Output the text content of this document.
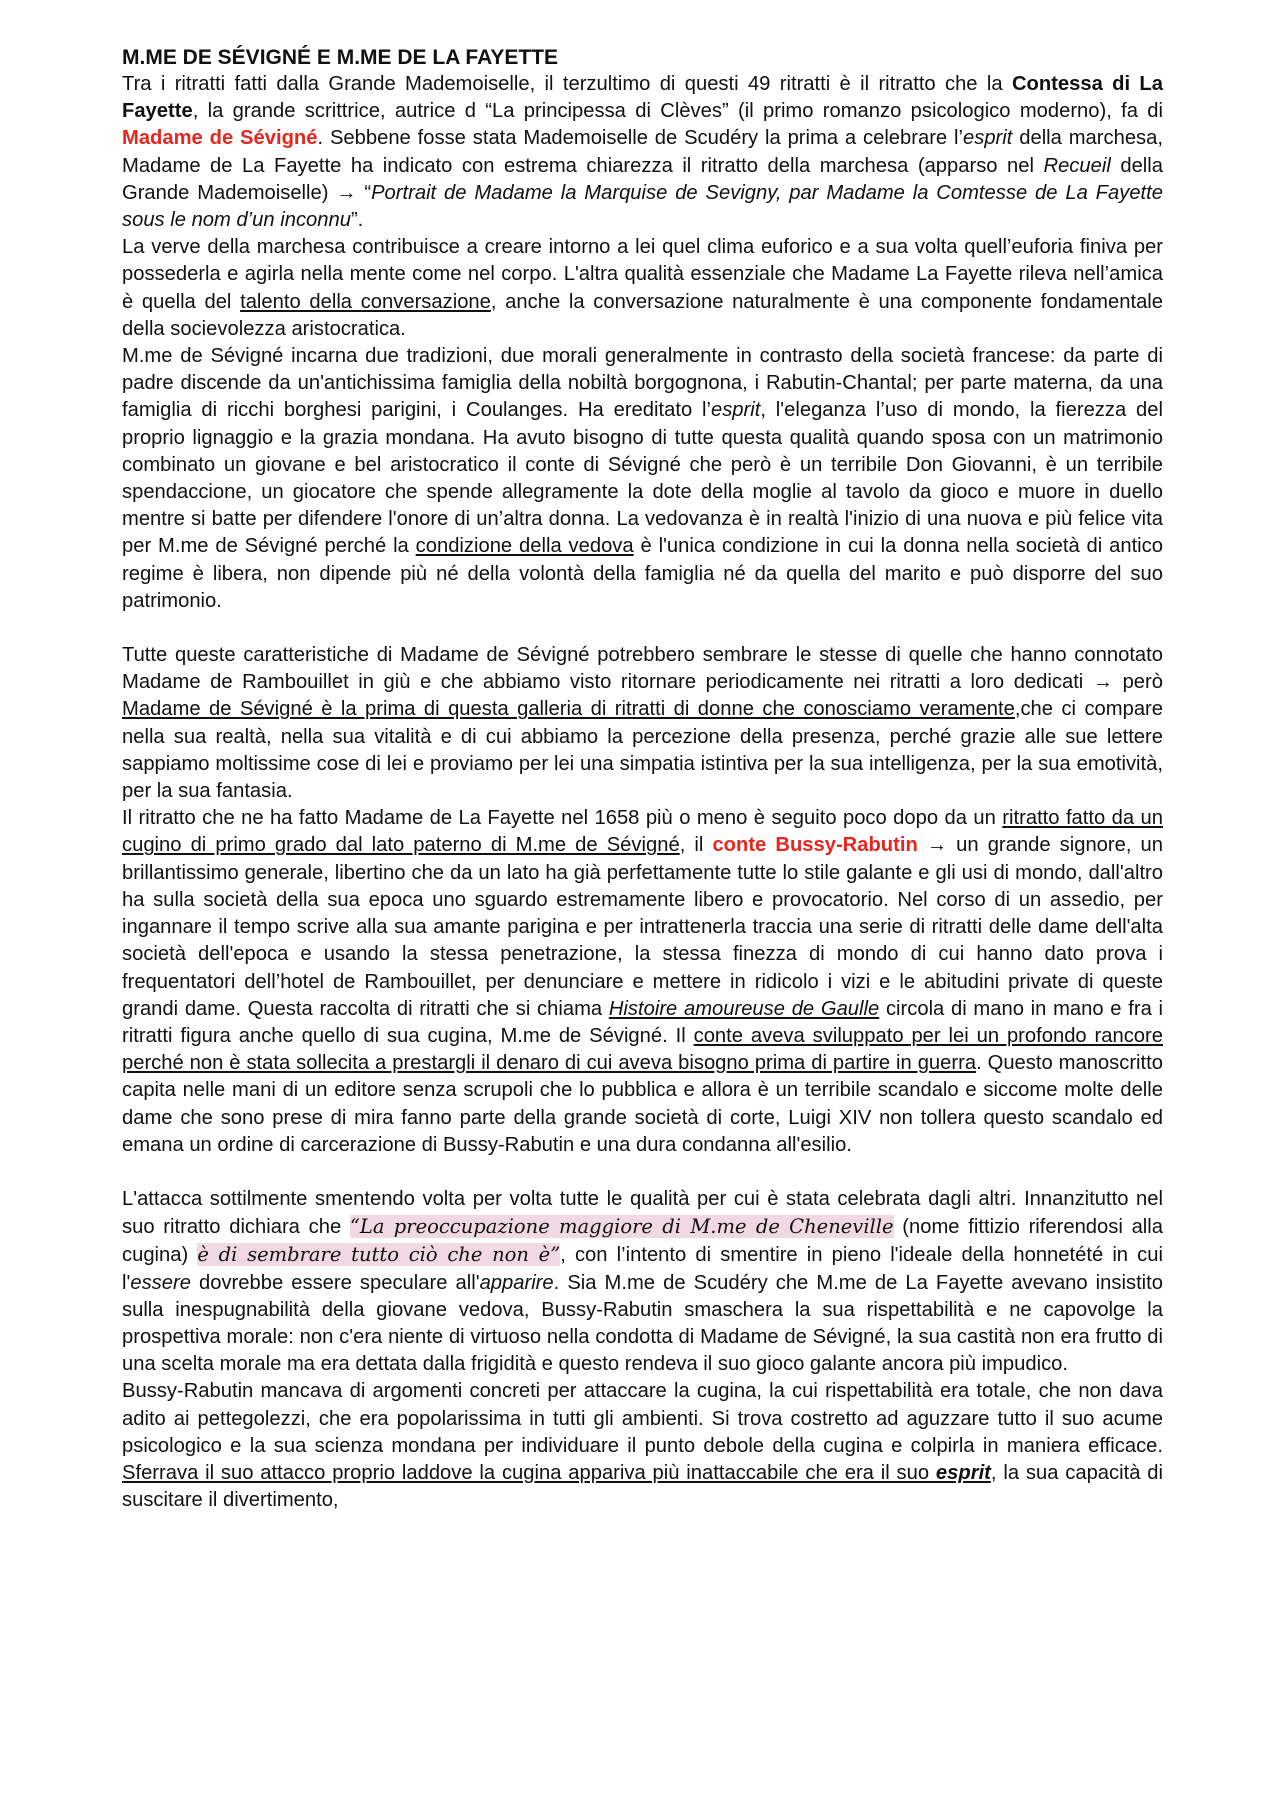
M.ME DE SÉVIGNÉ E M.ME DE LA FAYETTE

Tra i ritratti fatti dalla Grande Mademoiselle, il terzultimo di questi 49 ritratti è il ritratto che la Contessa di La Fayette, la grande scrittrice, autrice d “La principessa di Clèves” (il primo romanzo psicologico moderno), fa di Madame de Sévigné. Sebbene fosse stata Mademoiselle de Scudéry la prima a celebrare l’esprit della marchesa, Madame de La Fayette ha indicato con estrema chiarezza il ritratto della marchesa (apparso nel Recueil della Grande Mademoiselle) → “Portrait de Madame la Marquise de Sevigny, par Madame la Comtesse de La Fayette sous le nom d’un inconnu”.

La verve della marchesa contribuisce a creare intorno a lei quel clima euforico e a sua volta quell’euforia finiva per possederla e agirla nella mente come nel corpo. L'altra qualità essenziale che Madame La Fayette rileva nell’amica è quella del talento della conversazione, anche la conversazione naturalmente è una componente fondamentale della socievolezza aristocratica.

M.me de Sévigné incarna due tradizioni, due morali generalmente in contrasto della società francese: da parte di padre discende da un'antichissima famiglia della nobiltà borgognona, i Rabutin-Chantal; per parte materna, da una famiglia di ricchi borghesi parigini, i Coulanges. Ha ereditato l’esprit, l'eleganza l’uso di mondo, la fierezza del proprio lignaggio e la grazia mondana. Ha avuto bisogno di tutte questa qualità quando sposa con un matrimonio combinato un giovane e bel aristocratico il conte di Sévigné che però è un terribile Don Giovanni, è un terribile spendaccione, un giocatore che spende allegramente la dote della moglie al tavolo da gioco e muore in duello mentre si batte per difendere l'onore di un’altra donna. La vedovanza è in realtà l'inizio di una nuova e più felice vita per M.me de Sévigné perché la condizione della vedova è l'unica condizione in cui la donna nella società di antico regime è libera, non dipende più né della volontà della famiglia né da quella del marito e può disporre del suo patrimonio.

Tutte queste caratteristiche di Madame de Sévigné potrebbero sembrare le stesse di quelle che hanno connotato Madame de Rambouillet in giù e che abbiamo visto ritornare periodicamente nei ritratti a loro dedicati → però Madame de Sévigné è la prima di questa galleria di ritratti di donne che conosciamo veramente,che ci compare nella sua realtà, nella sua vitalità e di cui abbiamo la percezione della presenza, perché grazie alle sue lettere sappiamo moltissime cose di lei e proviamo per lei una simpatia istintiva per la sua intelligenza, per la sua emotività, per la sua fantasia.

Il ritratto che ne ha fatto Madame de La Fayette nel 1658 più o meno è seguito poco dopo da un ritratto fatto da un cugino di primo grado dal lato paterno di M.me de Sévigné, il conte Bussy-Rabutin → un grande signore, un brillantissimo generale, libertino che da un lato ha già perfettamente tutte lo stile galante e gli usi di mondo, dall'altro ha sulla società della sua epoca uno sguardo estremamente libero e provocatorio. Nel corso di un assedio, per ingannare il tempo scrive alla sua amante parigina e per intrattenerla traccia una serie di ritratti delle dame dell'alta società dell'epoca e usando la stessa penetrazione, la stessa finezza di mondo di cui hanno dato prova i frequentatori dell’hotel de Rambouillet, per denunciare e mettere in ridicolo i vizi e le abitudini private di queste grandi dame. Questa raccolta di ritratti che si chiama Histoire amoureuse de Gaulle circola di mano in mano e fra i ritratti figura anche quello di sua cugina, M.me de Sévigné. Il conte aveva sviluppato per lei un profondo rancore perché non è stata sollecita a prestargli il denaro di cui aveva bisogno prima di partire in guerra. Questo manoscritto capita nelle mani di un editore senza scrupoli che lo pubblica e allora è un terribile scandalo e siccome molte delle dame che sono prese di mira fanno parte della grande società di corte, Luigi XIV non tollera questo scandalo ed emana un ordine di carcerazione di Bussy-Rabutin e una dura condanna all'esilio.

L'attacca sottilmente smentendo volta per volta tutte le qualità per cui è stata celebrata dagli altri. Innanzitutto nel suo ritratto dichiara che “La preoccupazione maggiore di M.me de Cheneville (nome fittizio riferendosi alla cugina) è di sembrare tutto ciò che non è”, con l’intento di smentire in pieno l'ideale della honnetété in cui l'essere dovrebbe essere speculare all'apparire. Sia M.me de Scudéry che M.me de La Fayette avevano insistito sulla inespugnabilità della giovane vedova, Bussy-Rabutin smaschera la sua rispettabilità e ne capovolge la prospettiva morale: non c'era niente di virtuoso nella condotta di Madame de Sévigné, la sua castità non era frutto di una scelta morale ma era dettata dalla frigidità e questo rendeva il suo gioco galante ancora più impudico.

Bussy-Rabutin mancava di argomenti concreti per attaccare la cugina, la cui rispettabilità era totale, che non dava adito ai pettegolezzi, che era popolarissima in tutti gli ambienti. Si trova costretto ad aguzzare tutto il suo acume psicologico e la sua scienza mondana per individuare il punto debole della cugina e colpirla in maniera efficace. Sferrava il suo attacco proprio laddove la cugina appariva più inattaccabile che era il suo esprit, la sua capacità di suscitare il divertimento,
